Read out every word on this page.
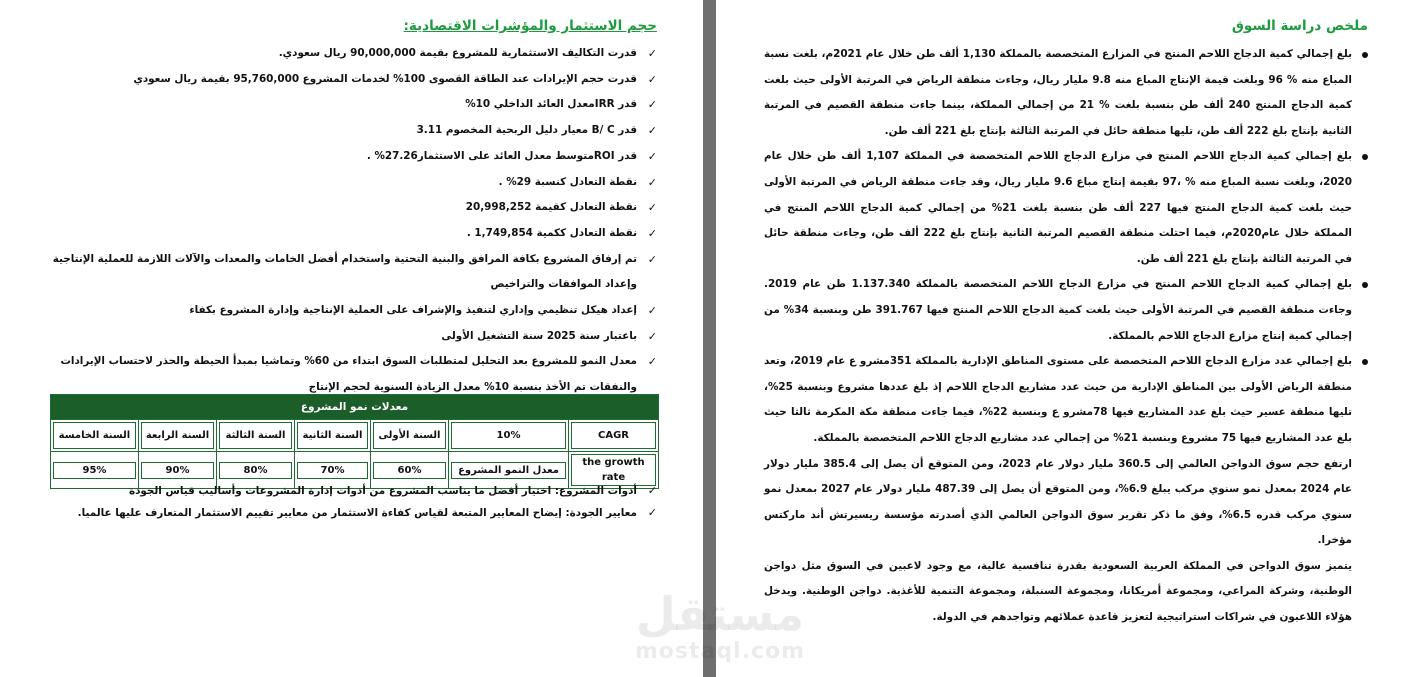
حجم الاستثمار والمؤشرات الاقتصادية:
✓
قدرت التكاليف الاستثمارية للمشروع بقيمة 90,000,000 ريال سعودي.
✓
قدرت حجم الإيرادات عند الطاقة القصوى 100% لخدمات المشروع 95,760,000 بقيمة ريال سعودي
✓
قدر IRRمعدل العائد الداخلي 10%
✓
قدر B/ C معيار دليل الربحية المخصوم 3.11
✓
قدر ROIمتوسط معدل العائد على الاستثمار27.26% .
✓
نقطة التعادل كنسبة 29% .
✓
نقطة التعادل كقيمة 20,998,252
✓
نقطة التعادل ككمية 1,749,854 .
✓
تم إرفاق المشروع بكافة المرافق والبنية التحتية واستخدام أفضل الخامات والمعدات والآلات اللازمة للعملية الإنتاجية وإعداد الموافقات والتراخيص
✓
إعداد هيكل تنظيمي وإداري لتنفيذ والإشراف على العملية الإنتاجية وإدارة المشروع بكفاء
✓
باعتبار سنة 2025 سنة التشغيل الأولى
✓
معدل النمو للمشروع بعد التحليل لمتطلبات السوق ابتداء من 60% وتماشيا بمبدأ الحيطة والحذر لاحتساب الإيرادات والنفقات تم الأخذ بنسبة 10% معدل الزيادة السنوية لحجم الإنتاج
معدلات نمو المشروع						

CAGR	10%	السنة الأولى	السنة الثانية	السنة الثالثة	السنة الرابعة	السنة الخامسة

the growth rate	معدل النمو المشروع	60%	70%	80%	90%	95%
✓
أدوات المشروع: اختيار أفضل ما يناسب المشروع من أدوات إدارة المشروعات وأساليب قياس الجودة
✓
معايير الجودة: إيضاح المعايير المتبعة لقياس كفاءة الاستثمار من معايير تقييم الاستثمار المتعارف عليها عالميا.
ملخص دراسة السوق
بلغ إجمالي كمية الدجاج اللاحم المنتج في المزارع المتخصصة بالمملكة 1,130 ألف طن خلال عام 2021م، بلغت نسبة المباع منه % 96 وبلغت قيمة الإنتاج المباع منه 9.8 مليار ريال، وجاءت منطقة الرياض في المرتبة الأولى حيث بلغت كمية الدجاج المنتج 240 ألف طن بنسبة بلغت % 21 من إجمالي المملكة، بينما جاءت منطقة القصيم في المرتبة الثانية بإنتاج بلغ 222 ألف طن، تليها منطقة حائل في المرتبة الثالثة بإنتاج بلغ 221 ألف طن.
بلغ إجمالي كمية الدجاج اللاحم المنتج في مزارع الدجاج اللاحم المتخصصة في المملكة 1,107 ألف طن خلال عام 2020، وبلغت نسبة المباع منه % ،97 بقيمة إنتاج مباع 9.6 مليار ريال، وقد جاءت منطقة الرياض في المرتبة الأولى حيث بلغت كمية الدجاج المنتج فيها 227 ألف طن بنسبة بلغت 21% من إجمالي كمية الدجاج اللاحم المنتج في المملكة خلال عام2020م، فيما احتلت منطقة القصيم المرتبة الثانية بإنتاج بلغ 222 ألف طن، وجاءت منطقة حائل في المرتبة الثالثة بإنتاج بلغ 221 ألف طن.
بلغ إجمالي كمية الدجاج اللاحم المنتج في مزارع الدجاج اللاحم المتخصصة بالمملكة 1.137.340 طن عام 2019. وجاءت منطقة القصيم في المرتبة الأولى حيث بلغت كمية الدجاج اللاحم المنتج فيها 391.767 طن وبنسبة 34% من إجمالي كمية إنتاج مزارع الدجاج اللاحم بالمملكة.
بلغ إجمالي عدد مزارع الدجاج اللاحم المتخصصة على مستوى المناطق الإدارية بالمملكة 351مشرو ع عام 2019، وتعد منطقة الرياض الأولى بين المناطق الإدارية من حيث عدد مشاريع الدجاج اللاحم إذ بلغ عددها مشروع وبنسبة 25%، تليها منطقة عسير حيث بلغ عدد المشاريع فيها 78مشرو ع وبنسبة 22%، فيما جاءت منطقة مكة المكرمة ثالثا حيث بلغ عدد المشاريع فيها 75 مشروع وبنسبة 21% من إجمالي عدد مشاريع الدجاج اللاحم المتخصصة بالمملكة.
ارتفع حجم سوق الدواجن العالمي إلى 360.5 مليار دولار عام 2023، ومن المتوقع أن يصل إلى 385.4 مليار دولار عام 2024 بمعدل نمو سنوي مركب يبلغ 6.9%، ومن المتوقع أن يصل إلى 487.39 مليار دولار عام 2027 بمعدل نمو سنوي مركب قدره 6.5%، وفق ما ذكر تقرير سوق الدواجن العالمي الذي أصدرته مؤسسة ريسيرتش أند ماركتس مؤخرا.
يتميز سوق الدواجن في المملكة العربية السعودية بقدرة تنافسية عالية، مع وجود لاعبين في السوق مثل دواجن الوطنية، وشركة المراعي، ومجموعة أمريكانا، ومجموعة السنبلة، ومجموعة التنمية للأغذية. دواجن الوطنية. ويدخل هؤلاء اللاعبون في شراكات استراتيجية لتعزيز قاعدة عملائهم وتواجدهم في الدولة.
